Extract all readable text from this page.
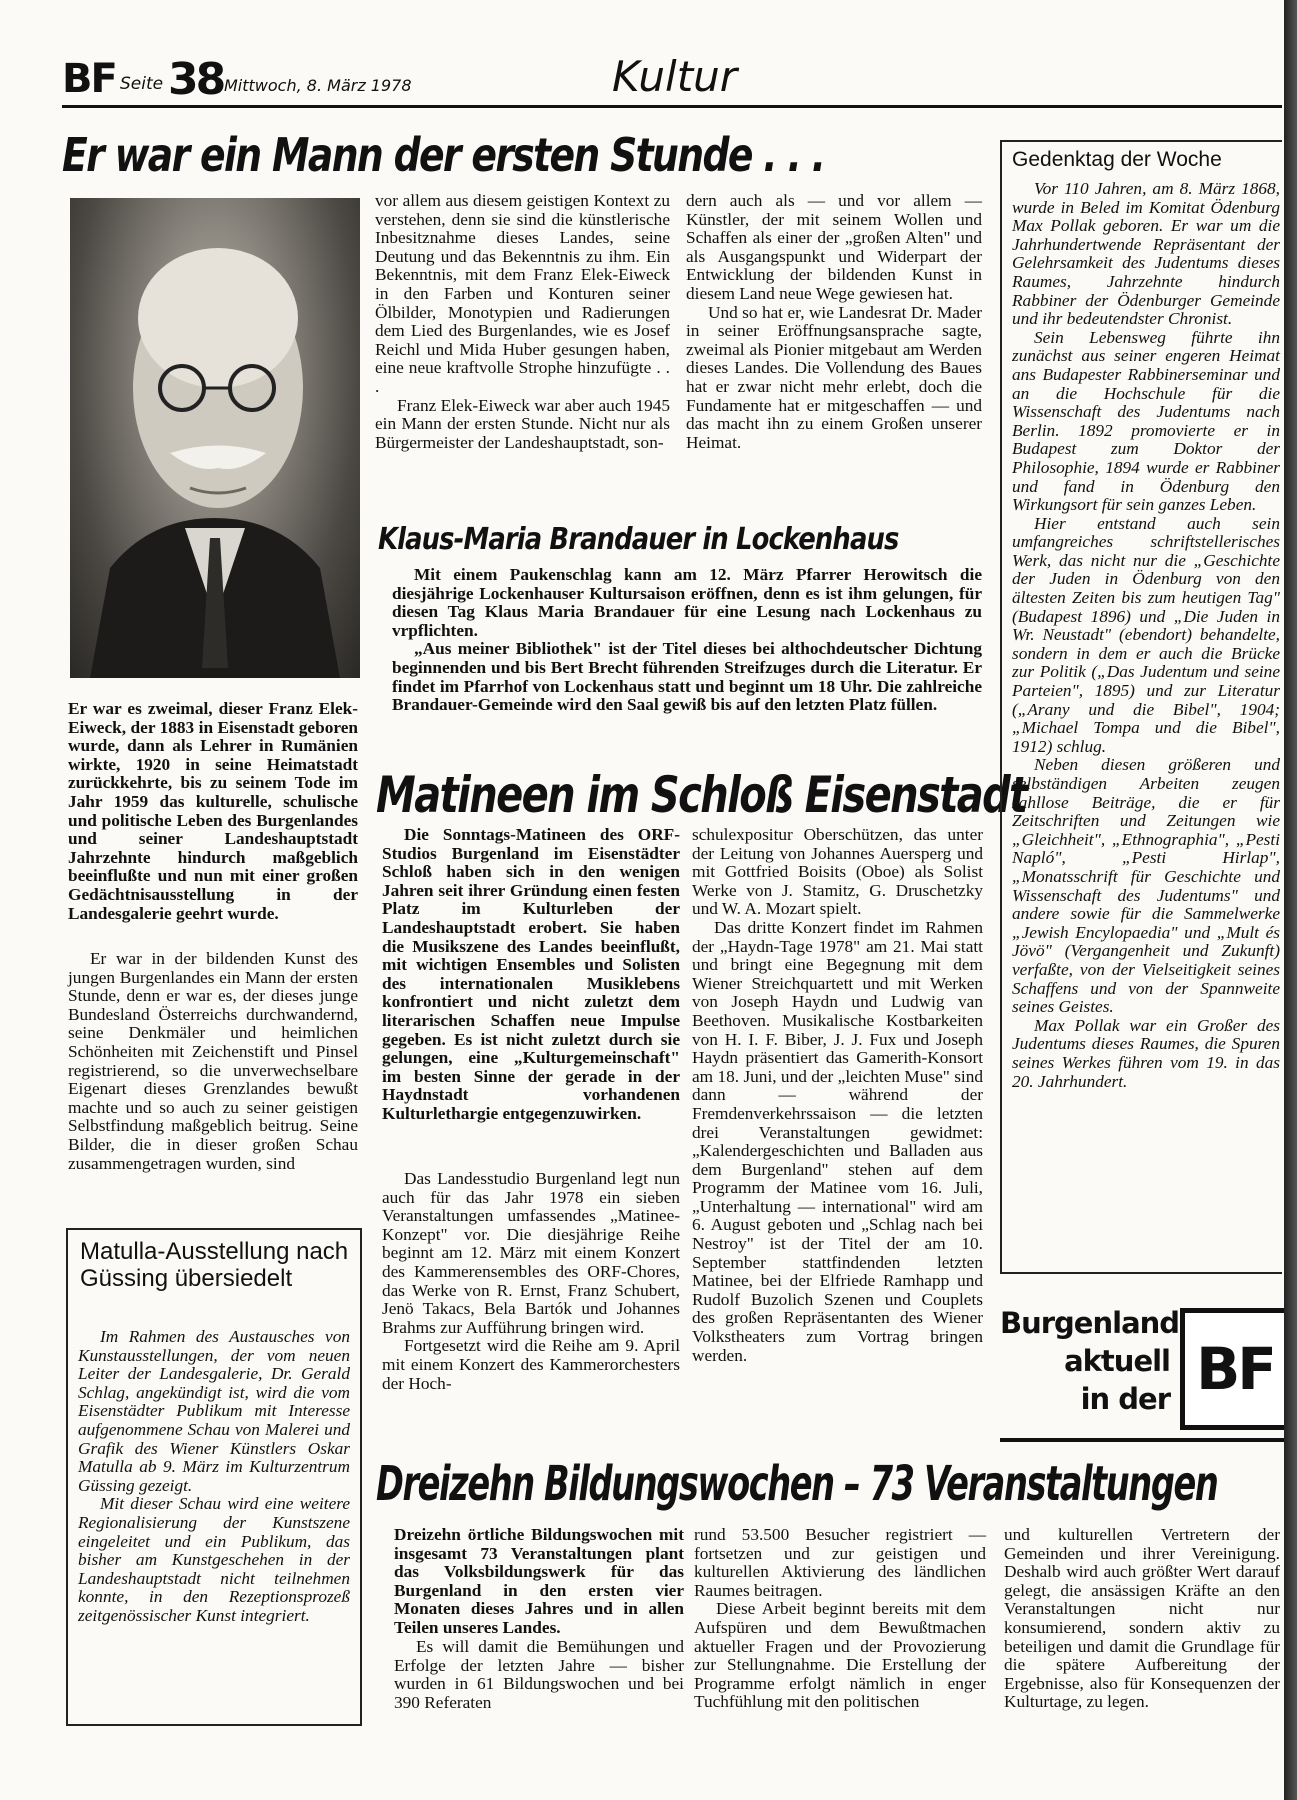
BF Seite 38 Mittwoch, 8. März 1978	Kultur
Er war ein Mann der ersten Stunde . . .

Er war es zweimal, dieser Franz Elek-Eiweck, der 1883 in Eisenstadt geboren wurde, dann als Lehrer in Rumänien wirkte, 1920 in seine Heimatstadt zurückkehrte, bis zu seinem Tode im Jahr 1959 das kulturelle, schulische und politische Leben des Burgenlandes und seiner Landeshauptstadt Jahrzehnte hindurch maßgeblich beeinflußte und nun mit einer großen Gedächtnisausstellung in der Landesgalerie geehrt wurde.

Er war in der bildenden Kunst des jungen Burgenlandes ein Mann der ersten Stunde, denn er war es, der dieses junge Bundesland Österreichs durchwandernd, seine Denkmäler und heimlichen Schönheiten mit Zeichenstift und Pinsel registrierend, so die unverwechselbare Eigenart dieses Grenzlandes bewußt machte und so auch zu seiner geistigen Selbstfindung maßgeblich beitrug. Seine Bilder, die in dieser großen Schau zusammengetragen wurden, sind

vor allem aus diesem geistigen Kontext zu verstehen, denn sie sind die künstlerische Inbesitznahme dieses Landes, seine Deutung und das Bekenntnis zu ihm. Ein Bekenntnis, mit dem Franz Elek-Eiweck in den Farben und Konturen seiner Ölbilder, Monotypien und Radierungen dem Lied des Burgenlandes, wie es Josef Reichl und Mida Huber gesungen haben, eine neue kraftvolle Strophe hinzufügte . . .

Franz Elek-Eiweck war aber auch 1945 ein Mann der ersten Stunde. Nicht nur als Bürgermeister der Landeshauptstadt, son-

dern auch als — und vor allem — Künstler, der mit seinem Wollen und Schaffen als einer der „großen Alten" und als Ausgangspunkt und Widerpart der Entwicklung der bildenden Kunst in diesem Land neue Wege gewiesen hat.

Und so hat er, wie Landesrat Dr. Mader in seiner Eröffnungsansprache sagte, zweimal als Pionier mitgebaut am Werden dieses Landes. Die Vollendung des Baues hat er zwar nicht mehr erlebt, doch die Fundamente hat er mitgeschaffen — und das macht ihn zu einem Großen unserer Heimat.

Klaus-Maria Brandauer in Lockenhaus

Mit einem Paukenschlag kann am 12. März Pfarrer Herowitsch die diesjährige Lockenhauser Kultursaison eröffnen, denn es ist ihm gelungen, für diesen Tag Klaus Maria Brandauer für eine Lesung nach Lockenhaus zu vrpflichten.

„Aus meiner Bibliothek" ist der Titel dieses bei althochdeutscher Dichtung beginnenden und bis Bert Brecht führenden Streifzuges durch die Literatur. Er findet im Pfarrhof von Lockenhaus statt und beginnt um 18 Uhr. Die zahlreiche Brandauer-Gemeinde wird den Saal gewiß bis auf den letzten Platz füllen.

Matineen im Schloß Eisenstadt

Die Sonntags-Matineen des ORF-Studios Burgenland im Eisenstädter Schloß haben sich in den wenigen Jahren seit ihrer Gründung einen festen Platz im Kulturleben der Landeshauptstadt erobert. Sie haben die Musikszene des Landes beeinflußt, mit wichtigen Ensembles und Solisten des internationalen Musiklebens konfrontiert und nicht zuletzt dem literarischen Schaffen neue Impulse gegeben. Es ist nicht zuletzt durch sie gelungen, eine „Kulturgemeinschaft" im besten Sinne der gerade in der Haydnstadt vorhandenen Kulturlethargie entgegenzuwirken.

Das Landesstudio Burgenland legt nun auch für das Jahr 1978 ein sieben Veranstaltungen umfassendes „Matinee-Konzept" vor. Die diesjährige Reihe beginnt am 12. März mit einem Konzert des Kammerensembles des ORF-Chores, das Werke von R. Ernst, Franz Schubert, Jenö Takacs, Bela Bartók und Johannes Brahms zur Aufführung bringen wird.

Fortgesetzt wird die Reihe am 9. April mit einem Konzert des Kammerorchesters der Hoch-

schulexpositur Oberschützen, das unter der Leitung von Johannes Auersperg und mit Gottfried Boisits (Oboe) als Solist Werke von J. Stamitz, G. Druschetzky und W. A. Mozart spielt.

Das dritte Konzert findet im Rahmen der „Haydn-Tage 1978" am 21. Mai statt und bringt eine Begegnung mit dem Wiener Streichquartett und mit Werken von Joseph Haydn und Ludwig van Beethoven. Musikalische Kostbarkeiten von H. I. F. Biber, J. J. Fux und Joseph Haydn präsentiert das Gamerith-Konsort am 18. Juni, und der „leichten Muse" sind dann — während der Fremdenverkehrssaison — die letzten drei Veranstaltungen gewidmet: „Kalendergeschichten und Balladen aus dem Burgenland" stehen auf dem Programm der Matinee vom 16. Juli, „Unterhaltung — international" wird am 6. August geboten und „Schlag nach bei Nestroy" ist der Titel der am 10. September stattfindenden letzten Matinee, bei der Elfriede Ramhapp und Rudolf Buzolich Szenen und Couplets des großen Repräsentanten des Wiener Volkstheaters zum Vortrag bringen werden.

Matulla-Ausstellung nach Güssing übersiedelt

Im Rahmen des Austausches von Kunstausstellungen, der vom neuen Leiter der Landesgalerie, Dr. Gerald Schlag, angekündigt ist, wird die vom Eisenstädter Publikum mit Interesse aufgenommene Schau von Malerei und Grafik des Wiener Künstlers Oskar Matulla ab 9. März im Kulturzentrum Güssing gezeigt.

Mit dieser Schau wird eine weitere Regionalisierung der Kunstszene eingeleitet und ein Publikum, das bisher am Kunstgeschehen in der Landeshauptstadt nicht teilnehmen konnte, in den Rezeptionsprozeß zeitgenössischer Kunst integriert.

Gedenktag der Woche

Vor 110 Jahren, am 8. März 1868, wurde in Beled im Komitat Ödenburg Max Pollak geboren. Er war um die Jahrhundertwende Repräsentant der Gelehrsamkeit des Judentums dieses Raumes, Jahrzehnte hindurch Rabbiner der Ödenburger Gemeinde und ihr bedeutendster Chronist.

Sein Lebensweg führte ihn zunächst aus seiner engeren Heimat ans Budapester Rabbinerseminar und an die Hochschule für die Wissenschaft des Judentums nach Berlin. 1892 promovierte er in Budapest zum Doktor der Philosophie, 1894 wurde er Rabbiner und fand in Ödenburg den Wirkungsort für sein ganzes Leben.

Hier entstand auch sein umfangreiches schriftstellerisches Werk, das nicht nur die „Geschichte der Juden in Ödenburg von den ältesten Zeiten bis zum heutigen Tag" (Budapest 1896) und „Die Juden in Wr. Neustadt" (ebendort) behandelte, sondern in dem er auch die Brücke zur Politik („Das Judentum und seine Parteien", 1895) und zur Literatur („Arany und die Bibel", 1904; „Michael Tompa und die Bibel", 1912) schlug.

Neben diesen größeren und selbständigen Arbeiten zeugen zahllose Beiträge, die er für Zeitschriften und Zeitungen wie „Gleichheit", „Ethnographia", „Pesti Napló", „Pesti Hirlap", „Monatsschrift für Geschichte und Wissenschaft des Judentums" und andere sowie für die Sammelwerke „Jewish Encylopaedia" und „Mult és Jövö" (Vergangenheit und Zukunft) verfaßte, von der Vielseitigkeit seines Schaffens und von der Spannweite seines Geistes.

Max Pollak war ein Großer des Judentums dieses Raumes, die Spuren seines Werkes führen vom 19. in das 20. Jahrhundert.

Burgenland
aktuell
in der BF
Dreizehn Bildungswochen – 73 Veranstaltungen

Dreizehn örtliche Bildungswochen mit insgesamt 73 Veranstaltungen plant das Volksbildungswerk für das Burgenland in den ersten vier Monaten dieses Jahres und in allen Teilen unseres Landes.

Es will damit die Bemühungen und Erfolge der letzten Jahre — bisher wurden in 61 Bildungswochen und bei 390 Referaten

rund 53.500 Besucher registriert — fortsetzen und zur geistigen und kulturellen Aktivierung des ländlichen Raumes beitragen.

Diese Arbeit beginnt bereits mit dem Aufspüren und dem Bewußtmachen aktueller Fragen und der Provozierung zur Stellungnahme. Die Erstellung der Programme erfolgt nämlich in enger Tuchfühlung mit den politischen

und kulturellen Vertretern der Gemeinden und ihrer Vereinigung. Deshalb wird auch größter Wert darauf gelegt, die ansässigen Kräfte an den Veranstaltungen nicht nur konsumierend, sondern aktiv zu beteiligen und damit die Grundlage für die spätere Aufbereitung der Ergebnisse, also für Konsequenzen der Kulturtage, zu legen.
